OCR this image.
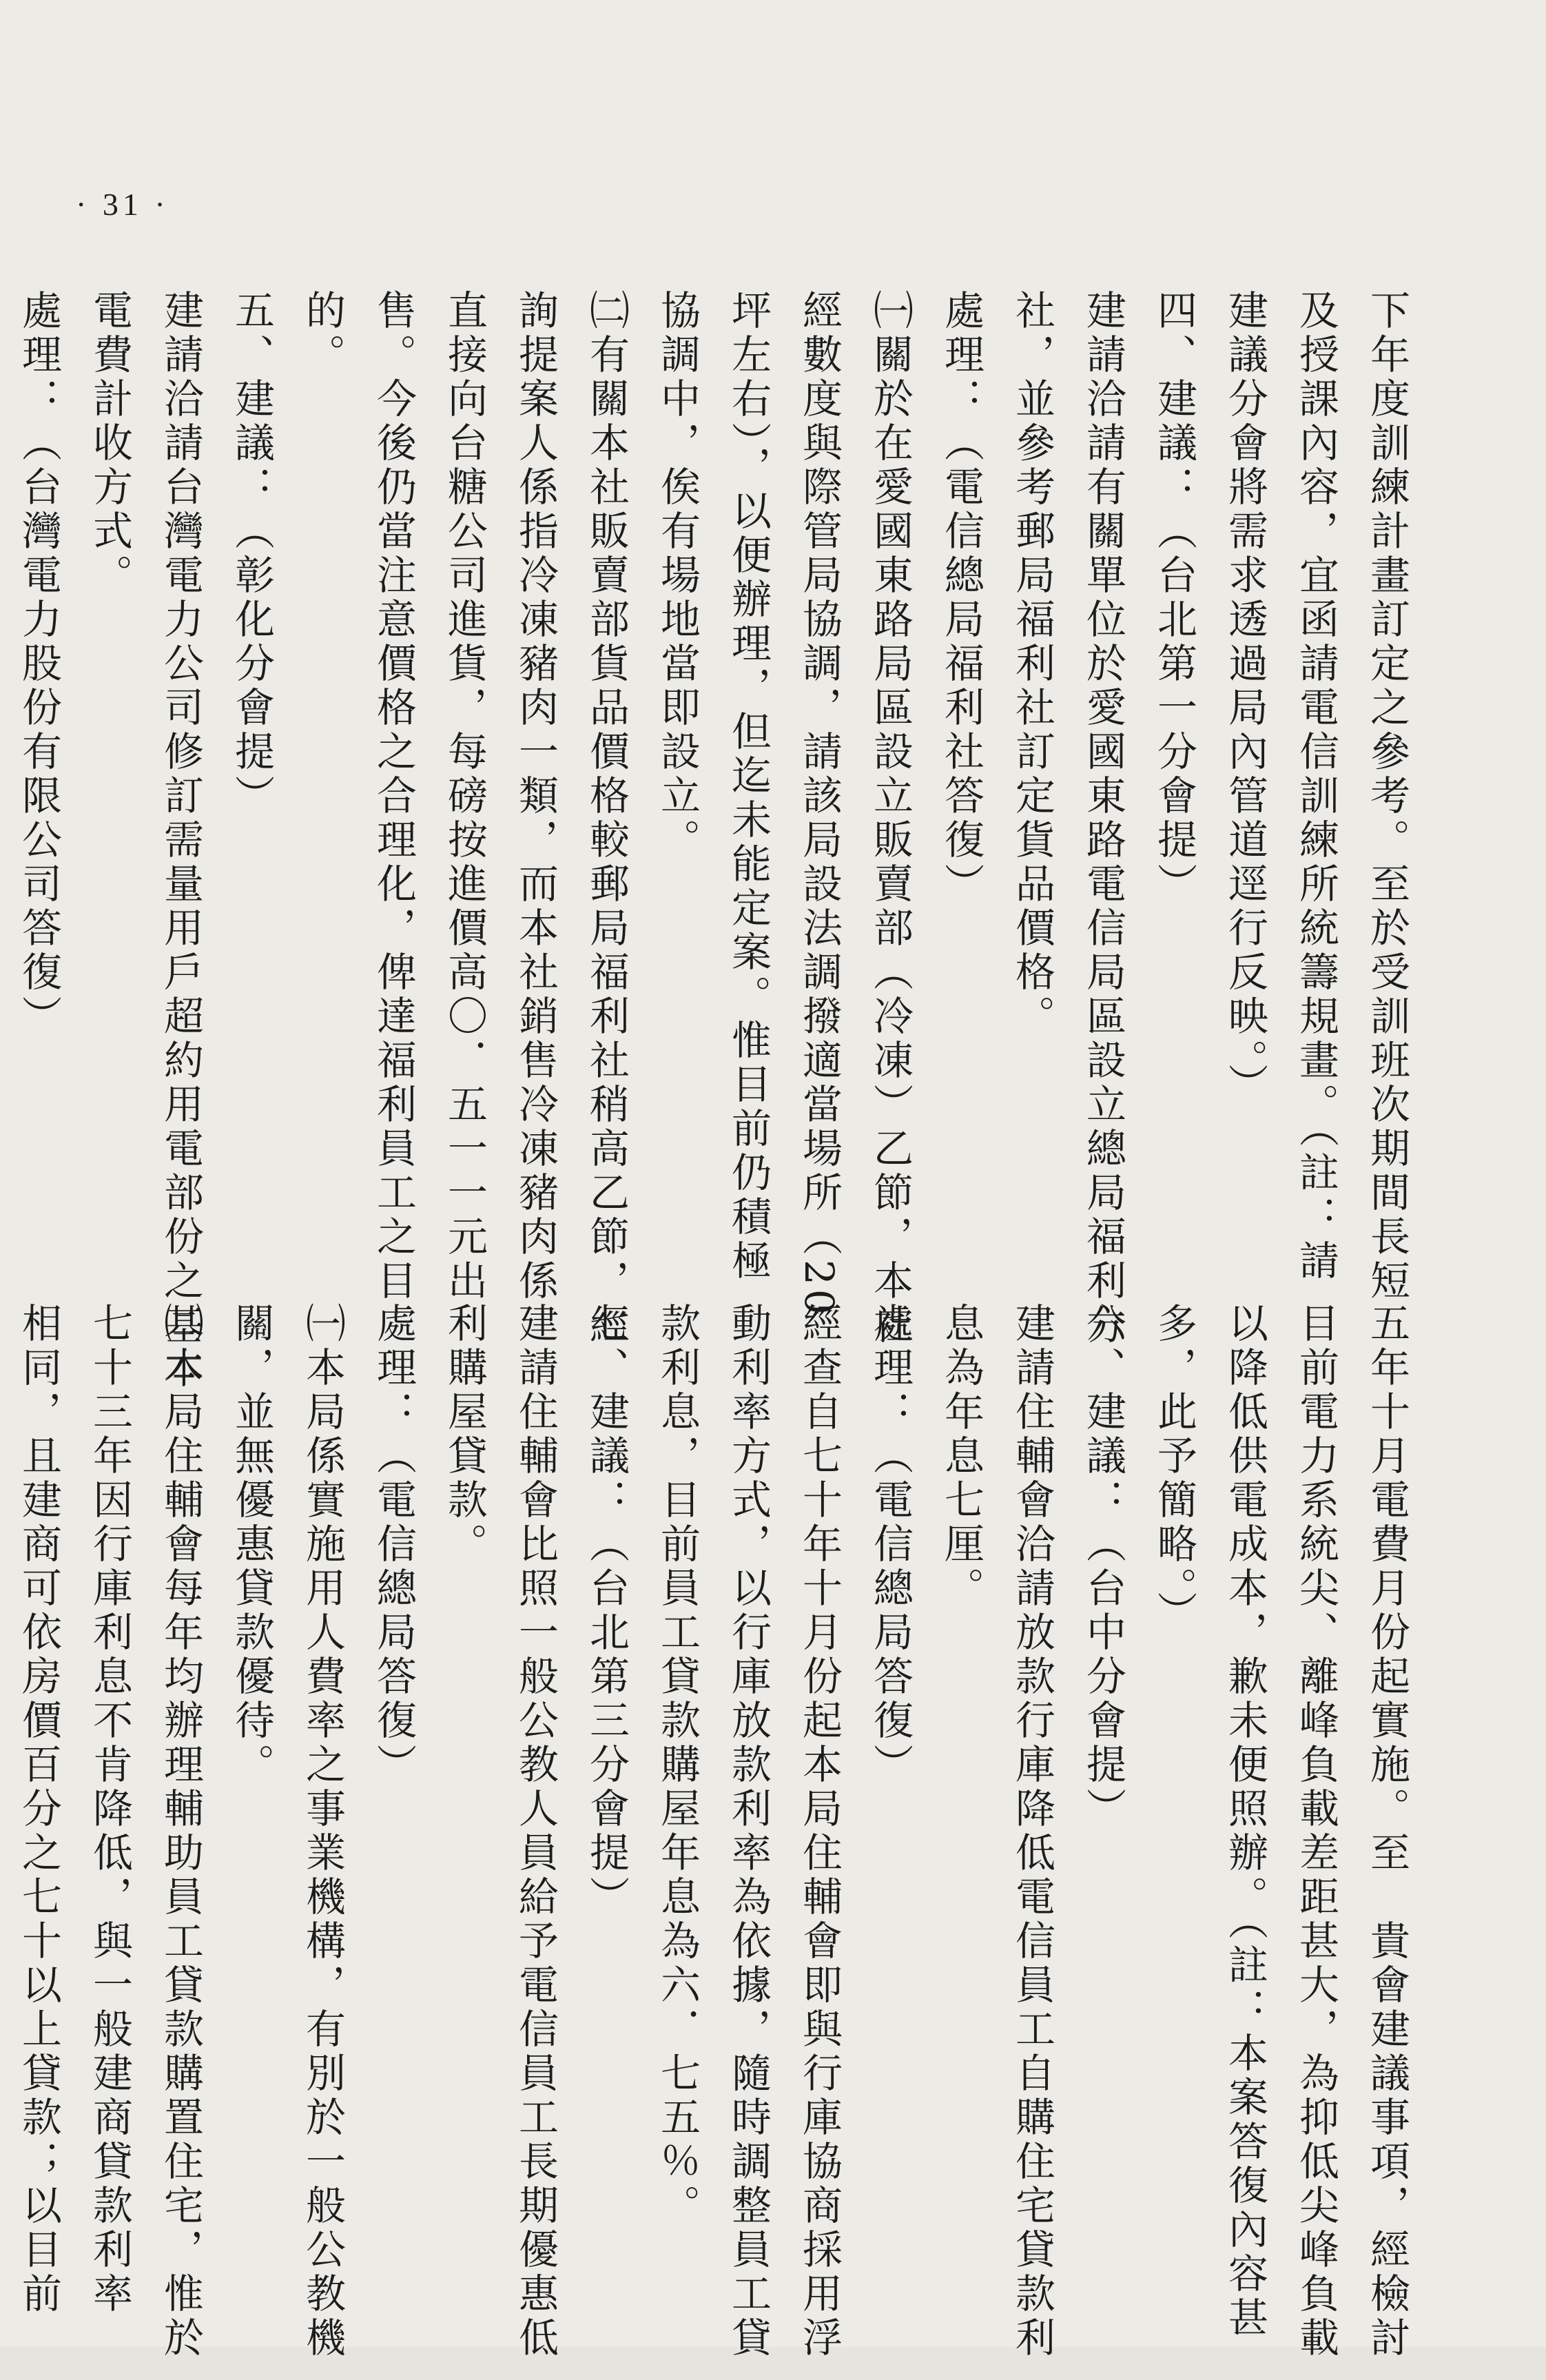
· 31 ·
下年度訓練計畫訂定之參考。至於受訓班次期間長短
及授課內容，宜函請電信訓練所統籌規畫。（註：請
建議分會將需求透過局內管道逕行反映。）
四、建議：（台北第一分會提）
建請洽請有關單位於愛國東路電信局區設立總局福利分
社，並參考郵局福利社訂定貨品價格。
處理：（電信總局福利社答復）
㈠關於在愛國東路局區設立販賣部（冷凍）乙節，本社
經數度與際管局協調，請該局設法調撥適當場所（20
坪左右），以便辦理，但迄未能定案。惟目前仍積極
協調中，俟有場地當即設立。
㈡有關本社販賣部貨品價格較郵局福利社稍高乙節，經
詢提案人係指冷凍豬肉一類，而本社銷售冷凍豬肉係
直接向台糖公司進貨，每磅按進價高〇．五一一元出
售。今後仍當注意價格之合理化，俾達福利員工之目
的。
五、建議：（彰化分會提）
建請洽請台灣電力公司修訂需量用戶超約用電部份之基本
電費計收方式。
處理：（台灣電力股份有限公司答復）
五年十月電費月份起實施。至　貴會建議事項，經檢討
目前電力系統尖、離峰負載差距甚大，為抑低尖峰負載
以降低供電成本，歉未便照辦。（註：本案答復內容甚
多，此予簡略。）
六、建議：（台中分會提）
建請住輔會洽請放款行庫降低電信員工自購住宅貸款利
息為年息七厘。
處理：（電信總局答復）
經查自七十年十月份起本局住輔會即與行庫協商採用浮
動利率方式，以行庫放款利率為依據，隨時調整員工貸
款利息，目前員工貸款購屋年息為六．七五％。
七、建議：（台北第三分會提）
建請住輔會比照一般公教人員給予電信員工長期優惠低
利購屋貸款。
處理：（電信總局答復）
㈠本局係實施用人費率之事業機構，有別於一般公教機
關，並無優惠貸款優待。
㈡本局住輔會每年均辦理輔助員工貸款購置住宅，惟於
七十三年因行庫利息不肯降低，與一般建商貸款利率
相同，且建商可依房價百分之七十以上貸款；以目前
